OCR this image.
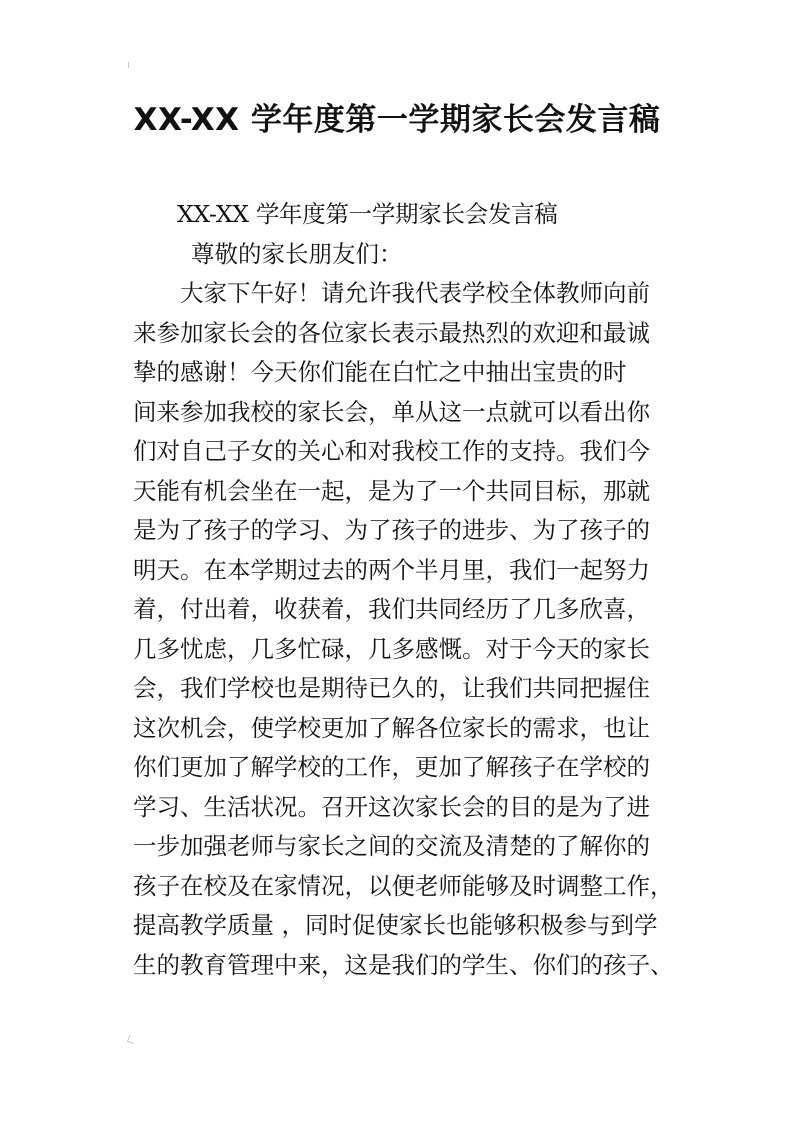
XX-XX 学年度第一学期家长会发言稿
XX-XX 学年度第一学期家长会发言稿
尊敬的家长朋友们：
大家下午好！请允许我代表学校全体教师向前
来参加家长会的各位家长表示最热烈的欢迎和最诚
挚的感谢！今天你们能在白忙之中抽出宝贵的时
间来参加我校的家长会，单从这一点就可以看出你
们对自己子女的关心和对我校工作的支持。我们今
天能有机会坐在一起，是为了一个共同目标，那就
是为了孩子的学习、为了孩子的进步、为了孩子的
明天。在本学期过去的两个半月里，我们一起努力
着，付出着，收获着，我们共同经历了几多欣喜，
几多忧虑，几多忙碌，几多感慨。对于今天的家长
会，我们学校也是期待已久的，让我们共同把握住
这次机会，使学校更加了解各位家长的需求，也让
你们更加了解学校的工作，更加了解孩子在学校的
学习、生活状况。召开这次家长会的目的是为了进
一步加强老师与家长之间的交流及清楚的了解你的
孩子在校及在家情况，以便老师能够及时调整工作，
提高教学质量 ，同时促使家长也能够积极参与到学
生的教育管理中来，这是我们的学生、你们的孩子、
